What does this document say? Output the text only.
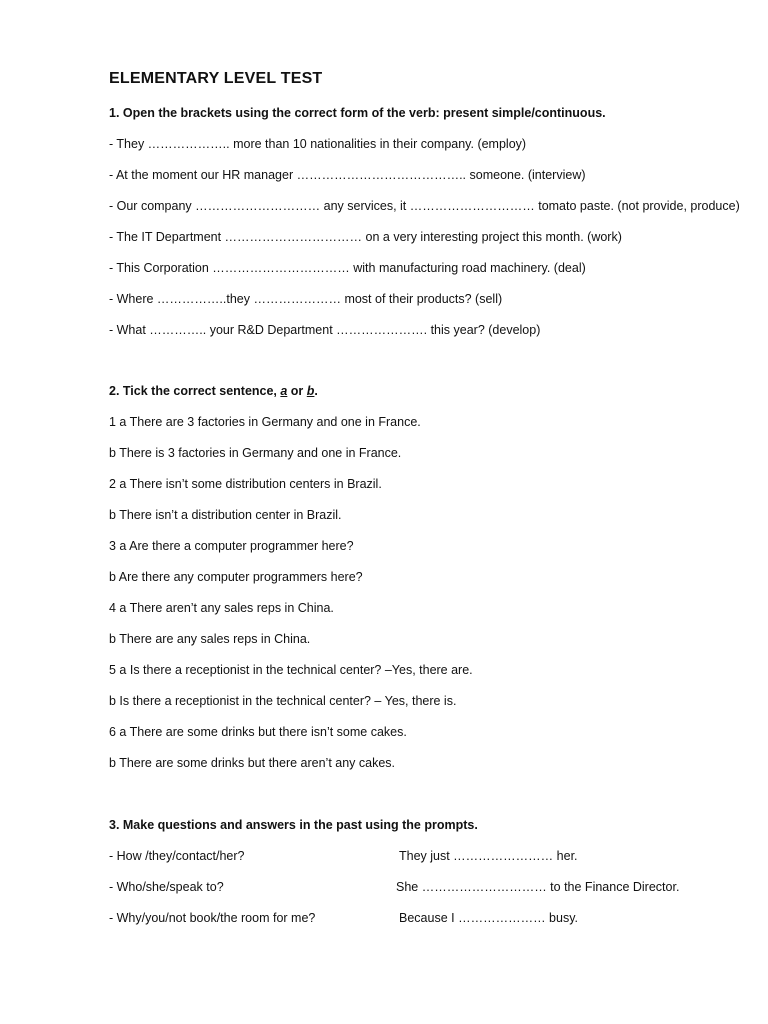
ELEMENTARY LEVEL TEST
1. Open the brackets using the correct form of the verb: present simple/continuous.
- They ……………….. more than 10 nationalities in their company. (employ)
- At the moment our HR manager ………………………………….. someone. (interview)
- Our company ………………………… any services, it ………………………… tomato paste. (not provide, produce)
- The IT Department …………………………… on a very interesting project this month. (work)
- This Corporation …………………………… with manufacturing road machinery. (deal)
- Where ……………..they ………………… most of their products? (sell)
- What ………….. your R&D Department …………………. this year? (develop)
2. Tick the correct sentence, a or b.
1 a There are 3 factories in Germany and one in France.
b There is 3 factories in Germany and one in France.
2 a There isn’t some distribution centers in Brazil.
b There isn’t a distribution center in Brazil.
3 a Are there a computer programmer here?
b Are there any computer programmers here?
4 a There aren’t any sales reps in China.
b There are any sales reps in China.
5 a Is there a receptionist in the technical center? –Yes, there are.
b Is there a receptionist in the technical center? – Yes, there is.
6 a There are some drinks but there isn’t some cakes.
b There are some drinks but there aren’t any cakes.
3. Make questions and answers in the past using the prompts.
- How /they/contact/her?	They just …………………… her.
- Who/she/speak to?	She ………………………… to the Finance Director.
- Why/you/not book/the room for me?	Because I ………………… busy.
